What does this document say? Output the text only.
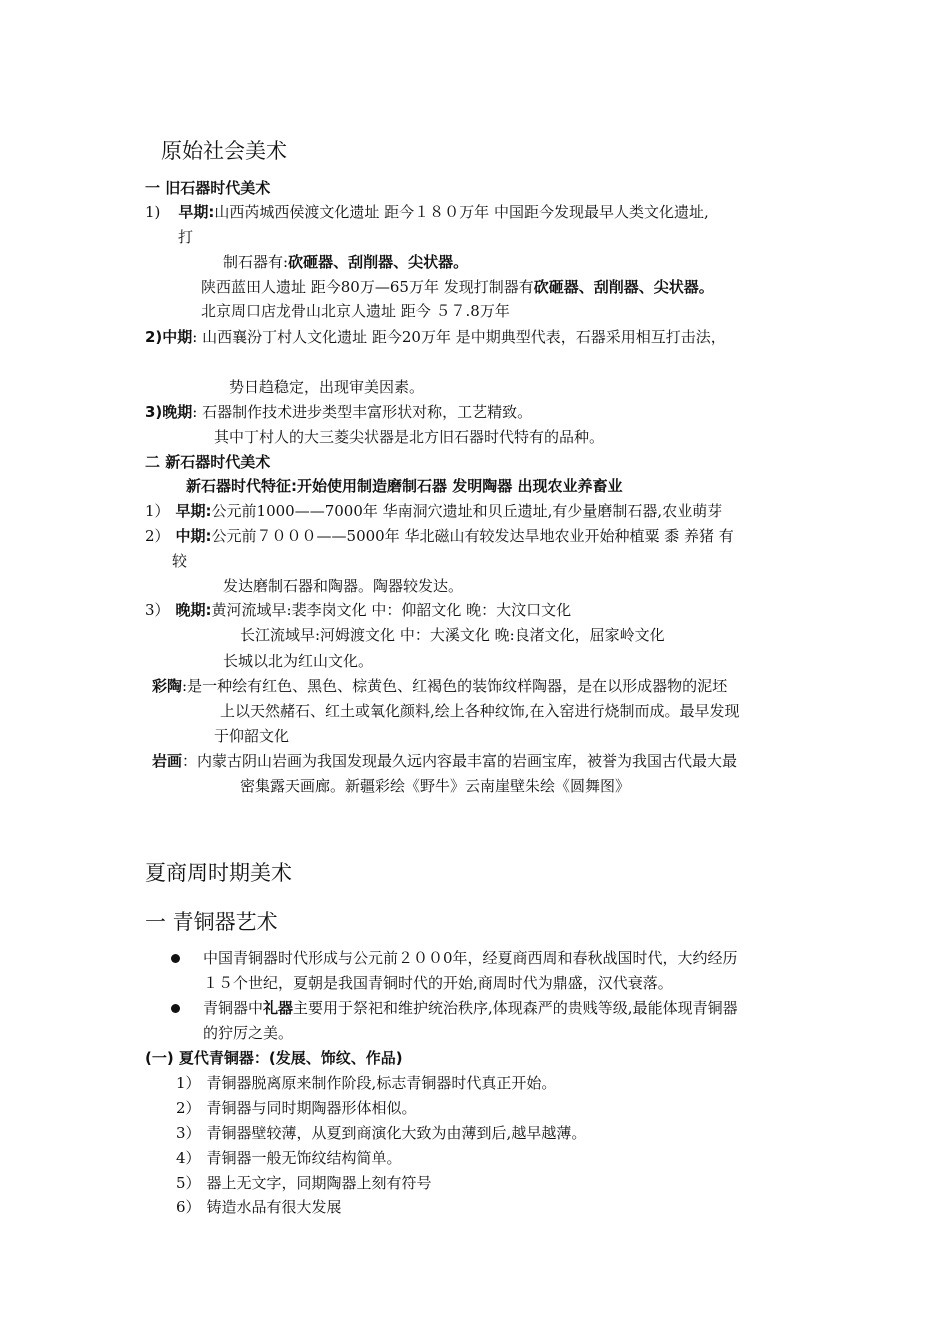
原始社会美术
一 旧石器时代美术
1) 早期:山西芮城西侯渡文化遗址 距今１８０万年 中国距今发现最早人类文化遗址,
打
制石器有:砍砸器、刮削器、尖状器。
陕西蓝田人遗址 距今80万—65万年 发现打制器有砍砸器、刮削器、尖状器。
北京周口店龙骨山北京人遗址 距今 ５７.8万年
2)中期: 山西襄汾丁村人文化遗址 距今20万年 是中期典型代表，石器采用相互打击法，
势日趋稳定，出现审美因素。
3)晚期: 石器制作技术进步类型丰富形状对称，工艺精致。
其中丁村人的大三菱尖状器是北方旧石器时代特有的品种。
二 新石器时代美术
新石器时代特征:开始使用制造磨制石器 发明陶器 出现农业养畜业
1） 早期:公元前1000——7000年 华南洞穴遗址和贝丘遗址,有少量磨制石器,农业萌芽
2） 中期:公元前７０００——5000年 华北磁山有较发达旱地农业开始种植粟 黍 养猪 有
较
发达磨制石器和陶器。陶器较发达。
3） 晚期:黄河流域早:裴李岗文化 中：仰韶文化 晚：大汶口文化
长江流域早:河姆渡文化 中：大溪文化 晚:良渚文化，屈家岭文化
长城以北为红山文化。
彩陶:是一种绘有红色、黑色、棕黄色、红褐色的装饰纹样陶器，是在以形成器物的泥坯
上以天然赭石、红土或氧化颜料,绘上各种纹饰,在入窑进行烧制而成。最早发现
于仰韶文化
岩画：内蒙古阴山岩画为我国发现最久远内容最丰富的岩画宝库，被誉为我国古代最大最
密集露天画廊。新疆彩绘《野牛》云南崖壁朱绘《圆舞图》
夏商周时期美术
一 青铜器艺术
中国青铜器时代形成与公元前２００0年，经夏商西周和春秋战国时代，大约经历
１５个世纪，夏朝是我国青铜时代的开始,商周时代为鼎盛，汉代衰落。
青铜器中礼器主要用于祭祀和维护统治秩序,体现森严的贵贱等级,最能体现青铜器
的狞厉之美。
(一) 夏代青铜器：(发展、饰纹、作品)
1） 青铜器脱离原来制作阶段,标志青铜器时代真正开始。
2） 青铜器与同时期陶器形体相似。
3） 青铜器壁较薄，从夏到商演化大致为由薄到后,越早越薄。
4） 青铜器一般无饰纹结构简单。
5） 器上无文字，同期陶器上刻有符号
6） 铸造水品有很大发展
